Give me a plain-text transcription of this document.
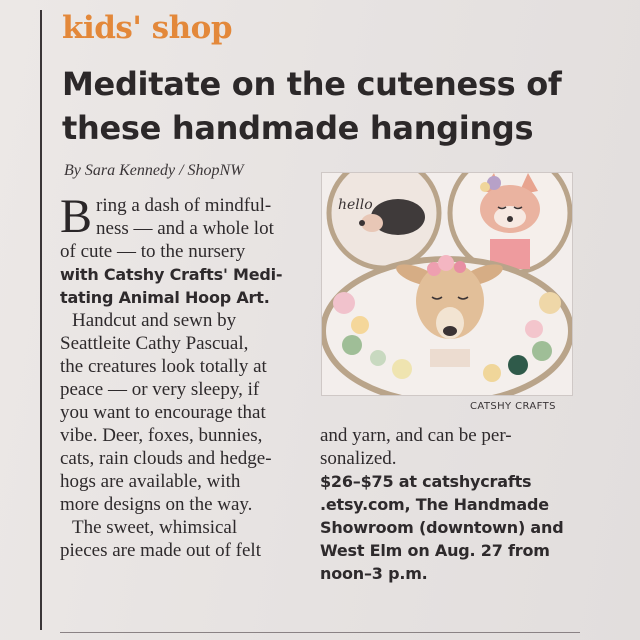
kids' shop
Meditate on the cuteness of
these handmade hangings
By Sara Kennedy / ShopNW
B ring a dash of mindful-
ness — and a whole lot
of cute — to the nursery
with Catshy Crafts' Medi-
tating Animal Hoop Art.
Handcut and sewn by
Seattleite Cathy Pascual,
the creatures look totally at
peace — or very sleepy, if
you want to encourage that
vibe. Deer, foxes, bunnies,
cats, rain clouds and hedge-
hogs are available, with
more designs on the way.
The sweet, whimsical
pieces are made out of felt
hello
CATSHY CRAFTS
and yarn, and can be per-
sonalized.
$26–$75 at catshycrafts
.etsy.com, The Handmade
Showroom (downtown) and
West Elm on Aug. 27 from
noon–3 p.m.
